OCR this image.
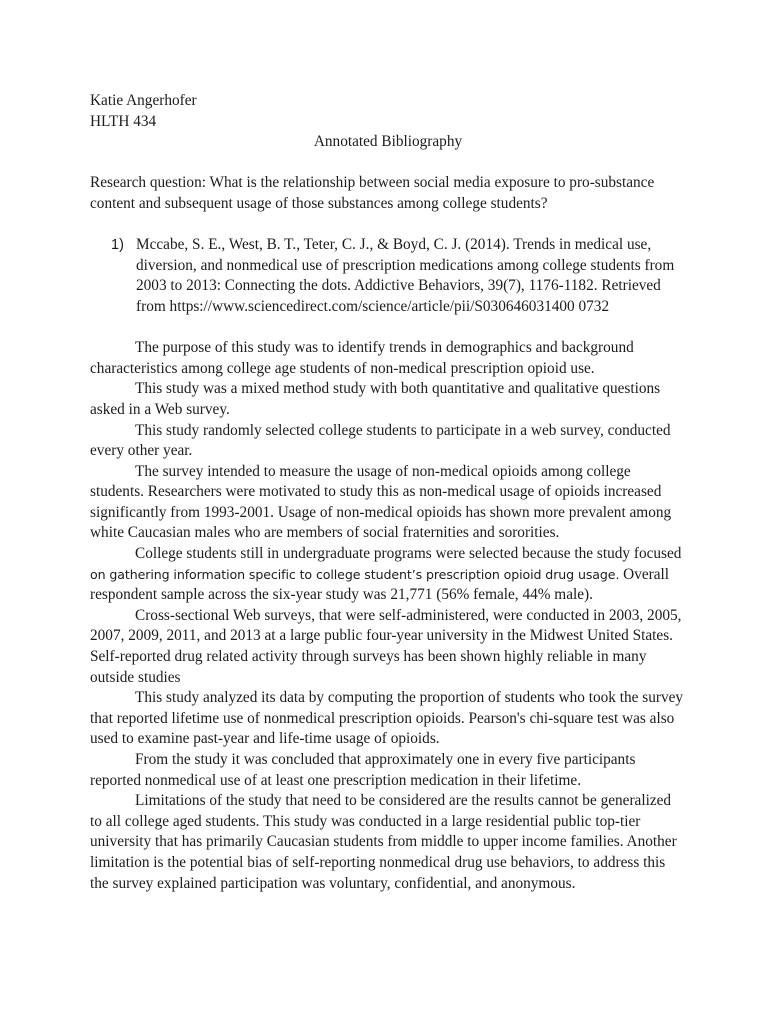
Katie Angerhofer
HLTH 434
Annotated Bibliography
Research question: What is the relationship between social media exposure to pro-substance
content and subsequent usage of those substances among college students?
1) Mccabe, S. E., West, B. T., Teter, C. J., & Boyd, C. J. (2014). Trends in medical use,
diversion, and nonmedical use of prescription medications among college students from
2003 to 2013: Connecting the dots. Addictive Behaviors, 39(7), 1176-1182. Retrieved
from https://www.sciencedirect.com/science/article/pii/S030646031400 0732
The purpose of this study was to identify trends in demographics and background
characteristics among college age students of non-medical prescription opioid use.
This study was a mixed method study with both quantitative and qualitative questions
asked in a Web survey.
This study randomly selected college students to participate in a web survey, conducted
every other year.
The survey intended to measure the usage of non-medical opioids among college
students. Researchers were motivated to study this as non-medical usage of opioids increased
significantly from 1993-2001. Usage of non-medical opioids has shown more prevalent among
white Caucasian males who are members of social fraternities and sororities.
College students still in undergraduate programs were selected because the study focused
on gathering information specific to college student’s prescription opioid drug usage. Overall
respondent sample across the six-year study was 21,771 (56% female, 44% male).
Cross-sectional Web surveys, that were self-administered, were conducted in 2003, 2005,
2007, 2009, 2011, and 2013 at a large public four-year university in the Midwest United States.
Self-reported drug related activity through surveys has been shown highly reliable in many
outside studies
This study analyzed its data by computing the proportion of students who took the survey
that reported lifetime use of nonmedical prescription opioids. Pearson's chi-square test was also
used to examine past-year and life-time usage of opioids.
From the study it was concluded that approximately one in every five participants
reported nonmedical use of at least one prescription medication in their lifetime.
Limitations of the study that need to be considered are the results cannot be generalized
to all college aged students. This study was conducted in a large residential public top-tier
university that has primarily Caucasian students from middle to upper income families. Another
limitation is the potential bias of self-reporting nonmedical drug use behaviors, to address this
the survey explained participation was voluntary, confidential, and anonymous.
